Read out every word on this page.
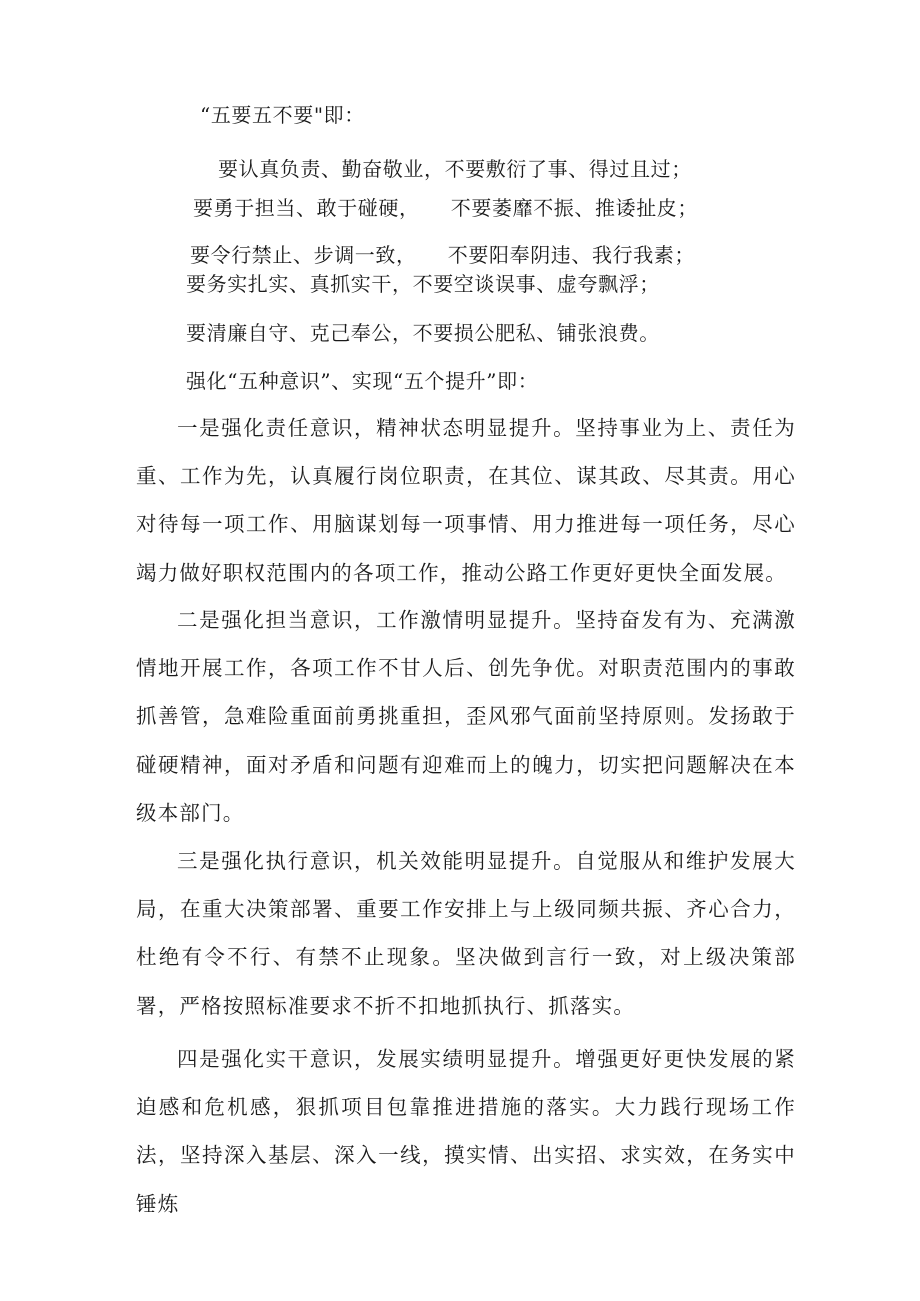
“五要五不要"即：
要认真负责、勤奋敬业，不要敷衍了事、得过且过；
要勇于担当、敢于碰硬，　　不要萎靡不振、推诿扯皮；
要令行禁止、步调一致，　　不要阳奉阴违、我行我素；
要务实扎实、真抓实干，不要空谈误事、虚夸飘浮；
要清廉自守、克己奉公，不要损公肥私、铺张浪费。
强化“五种意识”、实现“五个提升”即：

一是强化责任意识，精神状态明显提升。坚持事业为上、责任为重、工作为先，认真履行岗位职责，在其位、谋其政、尽其责。用心对待每一项工作、用脑谋划每一项事情、用力推进每一项任务，尽心竭力做好职权范围内的各项工作，推动公路工作更好更快全面发展。

二是强化担当意识，工作激情明显提升。坚持奋发有为、充满激情地开展工作，各项工作不甘人后、创先争优。对职责范围内的事敢抓善管，急难险重面前勇挑重担，歪风邪气面前坚持原则。发扬敢于碰硬精神，面对矛盾和问题有迎难而上的魄力，切实把问题解决在本级本部门。

三是强化执行意识，机关效能明显提升。自觉服从和维护发展大局，在重大决策部署、重要工作安排上与上级同频共振、齐心合力，杜绝有令不行、有禁不止现象。坚决做到言行一致，对上级决策部署，严格按照标准要求不折不扣地抓执行、抓落实。

四是强化实干意识，发展实绩明显提升。增强更好更快发展的紧迫感和危机感，狠抓项目包靠推进措施的落实。大力践行现场工作法，坚持深入基层、深入一线，摸实情、出实招、求实效，在务实中锤炼
